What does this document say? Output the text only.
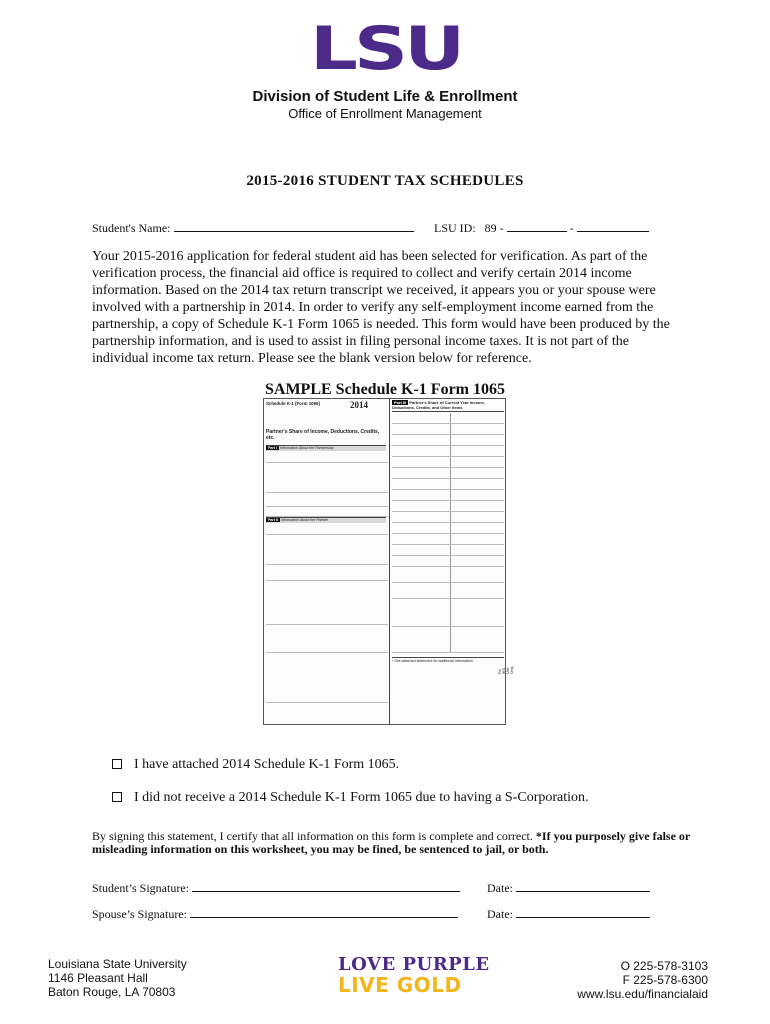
LSU
Division of Student Life & Enrollment
Office of Enrollment Management
2015-2016 STUDENT TAX SCHEDULES
Student's Name:	LSU ID: 89 -	-
Your 2015-2016 application for federal student aid has been selected for verification. As part of the verification process, the financial aid office is required to collect and verify certain 2014 income information. Based on the 2014 tax return transcript we received, it appears you or your spouse were involved with a partnership in 2014. In order to verify any self-employment income earned from the partnership, a copy of Schedule K-1 Form 1065 is needed. This form would have been produced by the partnership information, and is used to assist in filing personal income taxes. It is not part of the individual income tax return. Please see the blank version below for reference.
SAMPLE Schedule K-1 Form 1065
Schedule K-1 (Form 1065)	2014
Partner's Share of Income, Deductions, Credits, etc.
Part I Information About the Partnership
Part II Information About the Partner
Part III Partner's Share of Current Year Income, Deductions, Credits, and Other Items
* See attached statement for additional information.
For IRS Use Only
I have attached 2014 Schedule K-1 Form 1065.
I did not receive a 2014 Schedule K-1 Form 1065 due to having a S-Corporation.
By signing this statement, I certify that all information on this form is complete and correct. *If you purposely give false or misleading information on this worksheet, you may be fined, be sentenced to jail, or both.
Student’s Signature:	Date:
Spouse’s Signature:	Date:
Louisiana State University
1146 Pleasant Hall
Baton Rouge, LA 70803
LOVE PURPLE
LIVE GOLD
O 225-578-3103
F 225-578-6300
www.lsu.edu/financialaid
